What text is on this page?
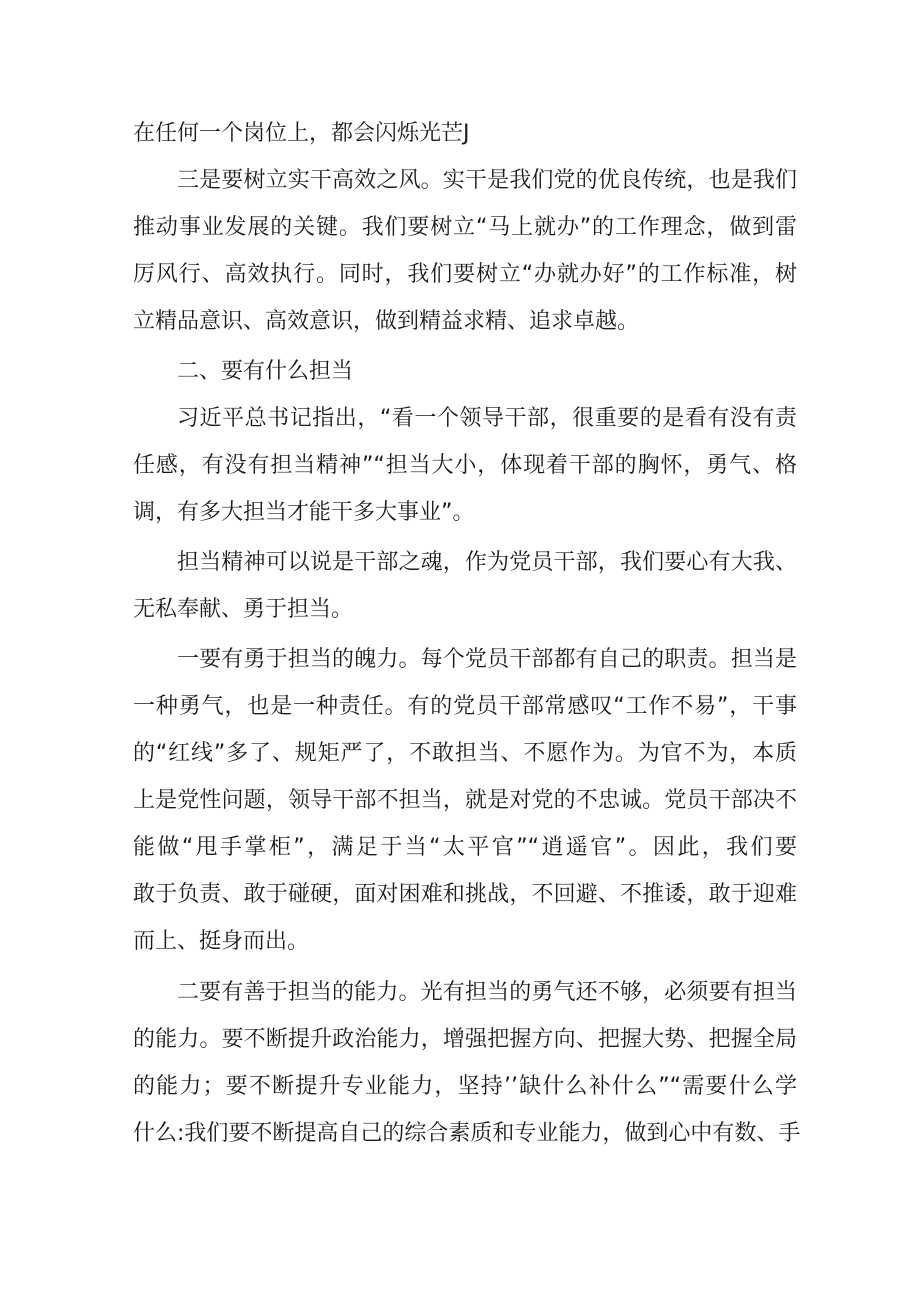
在任何一个岗位上，都会闪烁光芒J
三是要树立实干高效之风。实干是我们党的优良传统，也是我们
推动事业发展的关键。我们要树立“马上就办”的工作理念，做到雷
厉风行、高效执行。同时，我们要树立“办就办好”的工作标准，树
立精品意识、高效意识，做到精益求精、追求卓越。
二、要有什么担当
习近平总书记指出，“看一个领导干部，很重要的是看有没有责
任感，有没有担当精神”“担当大小，体现着干部的胸怀，勇气、格
调，有多大担当才能干多大事业”。
担当精神可以说是干部之魂，作为党员干部，我们要心有大我、
无私奉献、勇于担当。
一要有勇于担当的魄力。每个党员干部都有自己的职责。担当是
一种勇气，也是一种责任。有的党员干部常感叹“工作不易”，干事
的“红线”多了、规矩严了，不敢担当、不愿作为。为官不为，本质
上是党性问题，领导干部不担当，就是对党的不忠诚。党员干部决不
能做“甩手掌柜”，满足于当“太平官”“逍遥官”。因此，我们要
敢于负责、敢于碰硬，面对困难和挑战，不回避、不推诿，敢于迎难
而上、挺身而出。
二要有善于担当的能力。光有担当的勇气还不够，必须要有担当
的能力。要不断提升政治能力，增强把握方向、把握大势、把握全局
的能力；要不断提升专业能力，坚持’’缺什么补什么”“需要什么学
什么:我们要不断提高自己的综合素质和专业能力，做到心中有数、手
